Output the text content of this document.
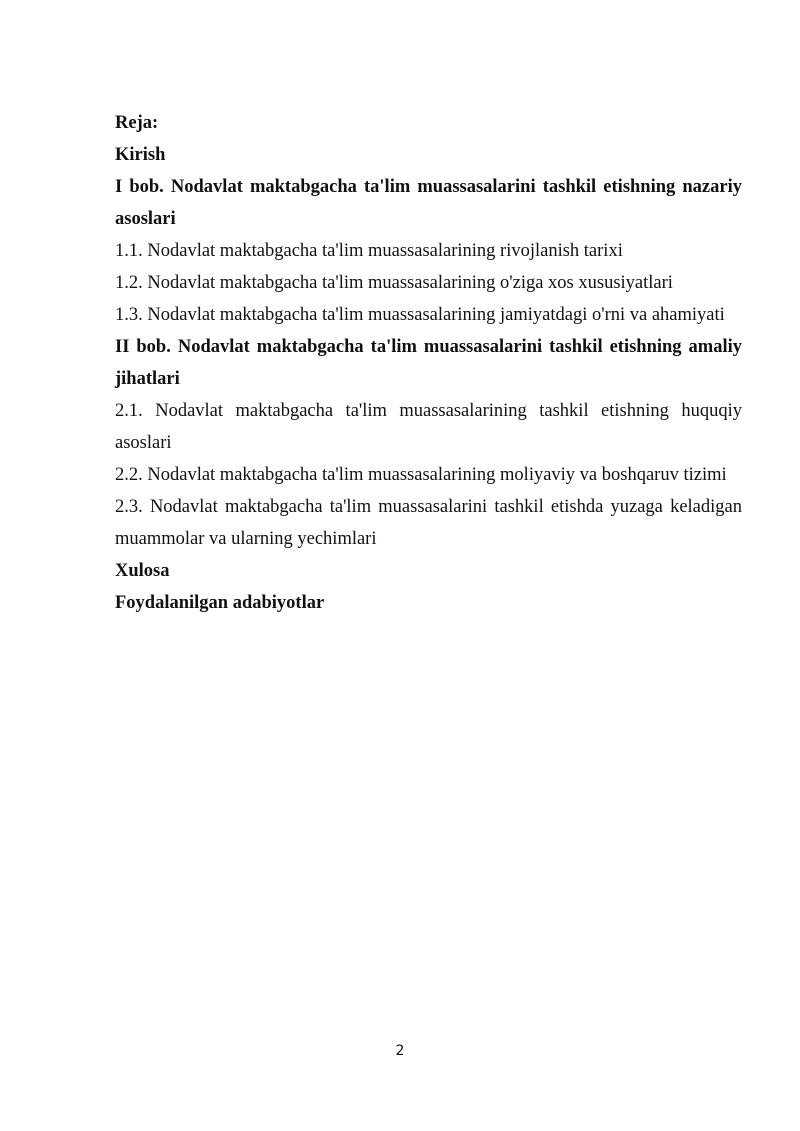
Reja:
Kirish
I bob. Nodavlat maktabgacha ta'lim muassasalarini tashkil etishning nazariy
asoslari
1.1. Nodavlat maktabgacha ta'lim muassasalarining rivojlanish tarixi
1.2. Nodavlat maktabgacha ta'lim muassasalarining o'ziga xos xususiyatlari
1.3. Nodavlat maktabgacha ta'lim muassasalarining jamiyatdagi o'rni va ahamiyati
II bob. Nodavlat maktabgacha ta'lim muassasalarini tashkil etishning amaliy
jihatlari
2.1. Nodavlat maktabgacha ta'lim muassasalarining tashkil etishning huquqiy
asoslari
2.2. Nodavlat maktabgacha ta'lim muassasalarining moliyaviy va boshqaruv tizimi
2.3. Nodavlat maktabgacha ta'lim muassasalarini tashkil etishda yuzaga keladigan
muammolar va ularning yechimlari
Xulosa
Foydalanilgan adabiyotlar
2
